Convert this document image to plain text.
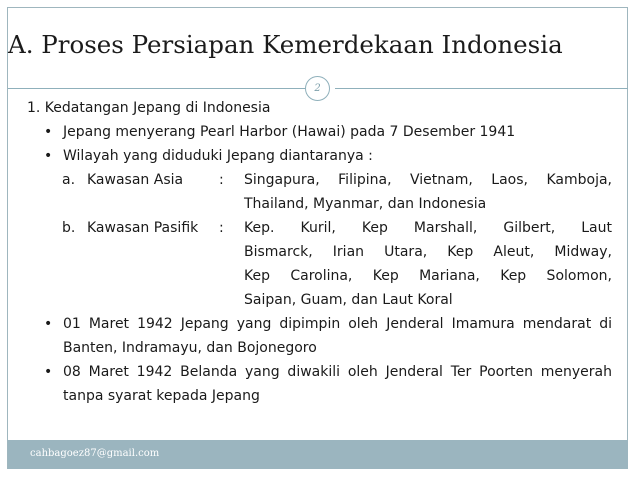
A. Proses Persiapan Kemerdekaan Indonesia
2
1. Kedatangan Jepang di Indonesia
• Jepang menyerang Pearl Harbor (Hawai) pada 7 Desember 1941
• Wilayah yang diduduki Jepang diantaranya :
a. Kawasan Asia	:	Singapura, Filipina, Vietnam, Laos, Kamboja,
Thailand, Myanmar, dan Indonesia
b. Kawasan Pasifik	:	Kep. Kuril, Kep Marshall, Gilbert, Laut
Bismarck, Irian Utara, Kep Aleut, Midway,
Kep Carolina, Kep Mariana, Kep Solomon,
Saipan, Guam, dan Laut Koral
• 01 Maret 1942 Jepang yang dipimpin oleh Jenderal Imamura mendarat di Banten, Indramayu, dan Bojonegoro
• 08 Maret 1942 Belanda yang diwakili oleh Jenderal Ter Poorten menyerah tanpa syarat kepada Jepang
cahbagoez87@gmail.com
